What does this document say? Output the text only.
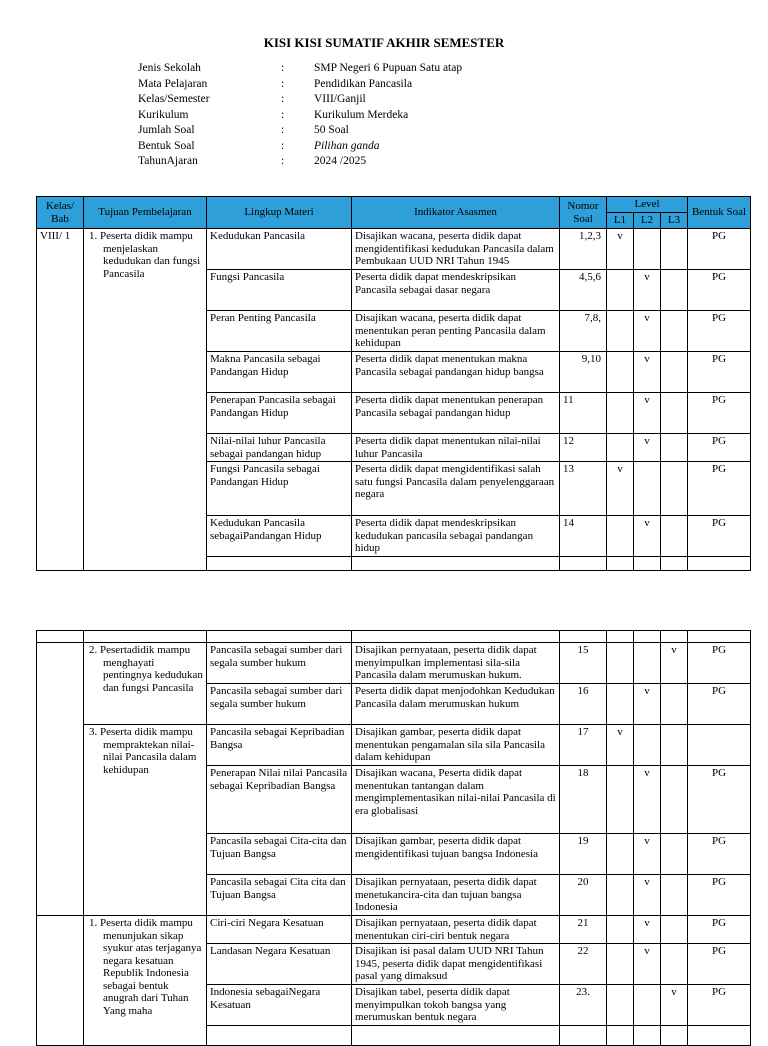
KISI KISI SUMATIF AKHIR SEMESTER
Jenis Sekolah	:	SMP Negeri 6 Pupuan Satu atap
Mata Pelajaran	:	Pendidikan Pancasila
Kelas/Semester	:	VIII/Ganjil
Kurikulum	:	Kurikulum Merdeka
Jumlah Soal	:	50 Soal
Bentuk Soal	:	Pilihan ganda
TahunAjaran	:	2024 /2025
Kelas/ Bab	Tujuan Pembelajaran	Lingkup Materi	Indikator Asasmen	Nomor Soal	Level			Bentuk Soal
					L1	L2	L3	
VIII/ 1	1. Peserta didik mampu menjelaskan kedudukan dan fungsi Pancasila	Kedudukan Pancasila	Disajikan wacana, peserta didik dapat mengidentifikasi kedudukan Pancasila dalam Pembukaan UUD NRI Tahun 1945	1,2,3	v			PG
		Fungsi Pancasila	Peserta didik dapat mendeskripsikan Pancasila sebagai dasar negara	4,5,6		v		PG
		Peran Penting Pancasila	Disajikan wacana, peserta didik dapat menentukan peran penting Pancasila dalam kehidupan	7,8,		v		PG
		Makna Pancasila sebagai Pandangan Hidup	Peserta didik dapat menentukan makna Pancasila sebagai pandangan hidup bangsa	9,10		v		PG
		Penerapan Pancasila sebagai Pandangan Hidup	Peserta didik dapat menentukan penerapan Pancasila sebagai pandangan hidup	11		v		PG
		Nilai-nilai luhur Pancasila sebagai pandangan hidup	Peserta didik dapat menentukan nilai-nilai luhur Pancasila	12		v		PG
		Fungsi Pancasila sebagai Pandangan Hidup	Peserta didik dapat mengidentifikasi salah satu fungsi Pancasila dalam penyelenggaraan negara	13	v			PG
		Kedudukan Pancasila sebagaiPandangan Hidup	Peserta didik dapat mendeskripsikan kedudukan pancasila sebagai pandangan hidup	14		v		PG

	2. Pesertadidik mampu menghayati pentingnya kedudukan dan fungsi Pancasila	Pancasila sebagai sumber dari segala sumber hukum	Disajikan pernyataan, peserta didik dapat menyimpulkan implementasi sila-sila Pancasila dalam merumuskan hukum.	15			v	PG
		Pancasila sebagai sumber dari segala sumber hukum	Peserta didik dapat menjodohkan Kedudukan Pancasila dalam merumuskan hukum	16		v		PG

	3. Peserta didik mampu mempraktekan nilai-nilai Pancasila dalam kehidupan	Pancasila sebagai Kepribadian Bangsa	Disajikan gambar, peserta didik dapat menentukan pengamalan sila sila Pancasila dalam kehidupan	17	v			
		Penerapan Nilai nilai Pancasila sebagai Kepribadian Bangsa	Disajikan wacana, Peserta didik dapat menentukan tantangan dalam mengimplementasikan nilai-nilai Pancasila di era globalisasi	18		v		PG
		Pancasila sebagai Cita-cita dan Tujuan Bangsa	Disajikan gambar, peserta didik dapat mengidentifikasi tujuan bangsa Indonesia	19		v		PG
		Pancasila sebagai Cita cita dan Tujuan Bangsa	Disajikan pernyataan, peserta didik dapat menetukancira-cita dan tujuan bangsa Indonesia	20		v		PG

	1. Peserta didik mampu menunjukan sikap syukur atas terjaganya negara kesatuan Republik Indonesia sebagai bentuk anugrah dari Tuhan Yang maha	Ciri-ciri Negara Kesatuan	Disajikan pernyataan, peserta didik dapat menentukan ciri-ciri bentuk negara	21		v		PG
		Landasan Negara Kesatuan	Disajikan isi pasal dalam UUD NRI Tahun 1945, peserta didik dapat mengidentifikasi pasal yang dimaksud	22		v		PG
		Indonesia sebagaiNegara Kesatuan	Disajikan tabel, peserta didik dapat menyimpulkan tokoh bangsa yang merumuskan bentuk negara	23.			v	PG
